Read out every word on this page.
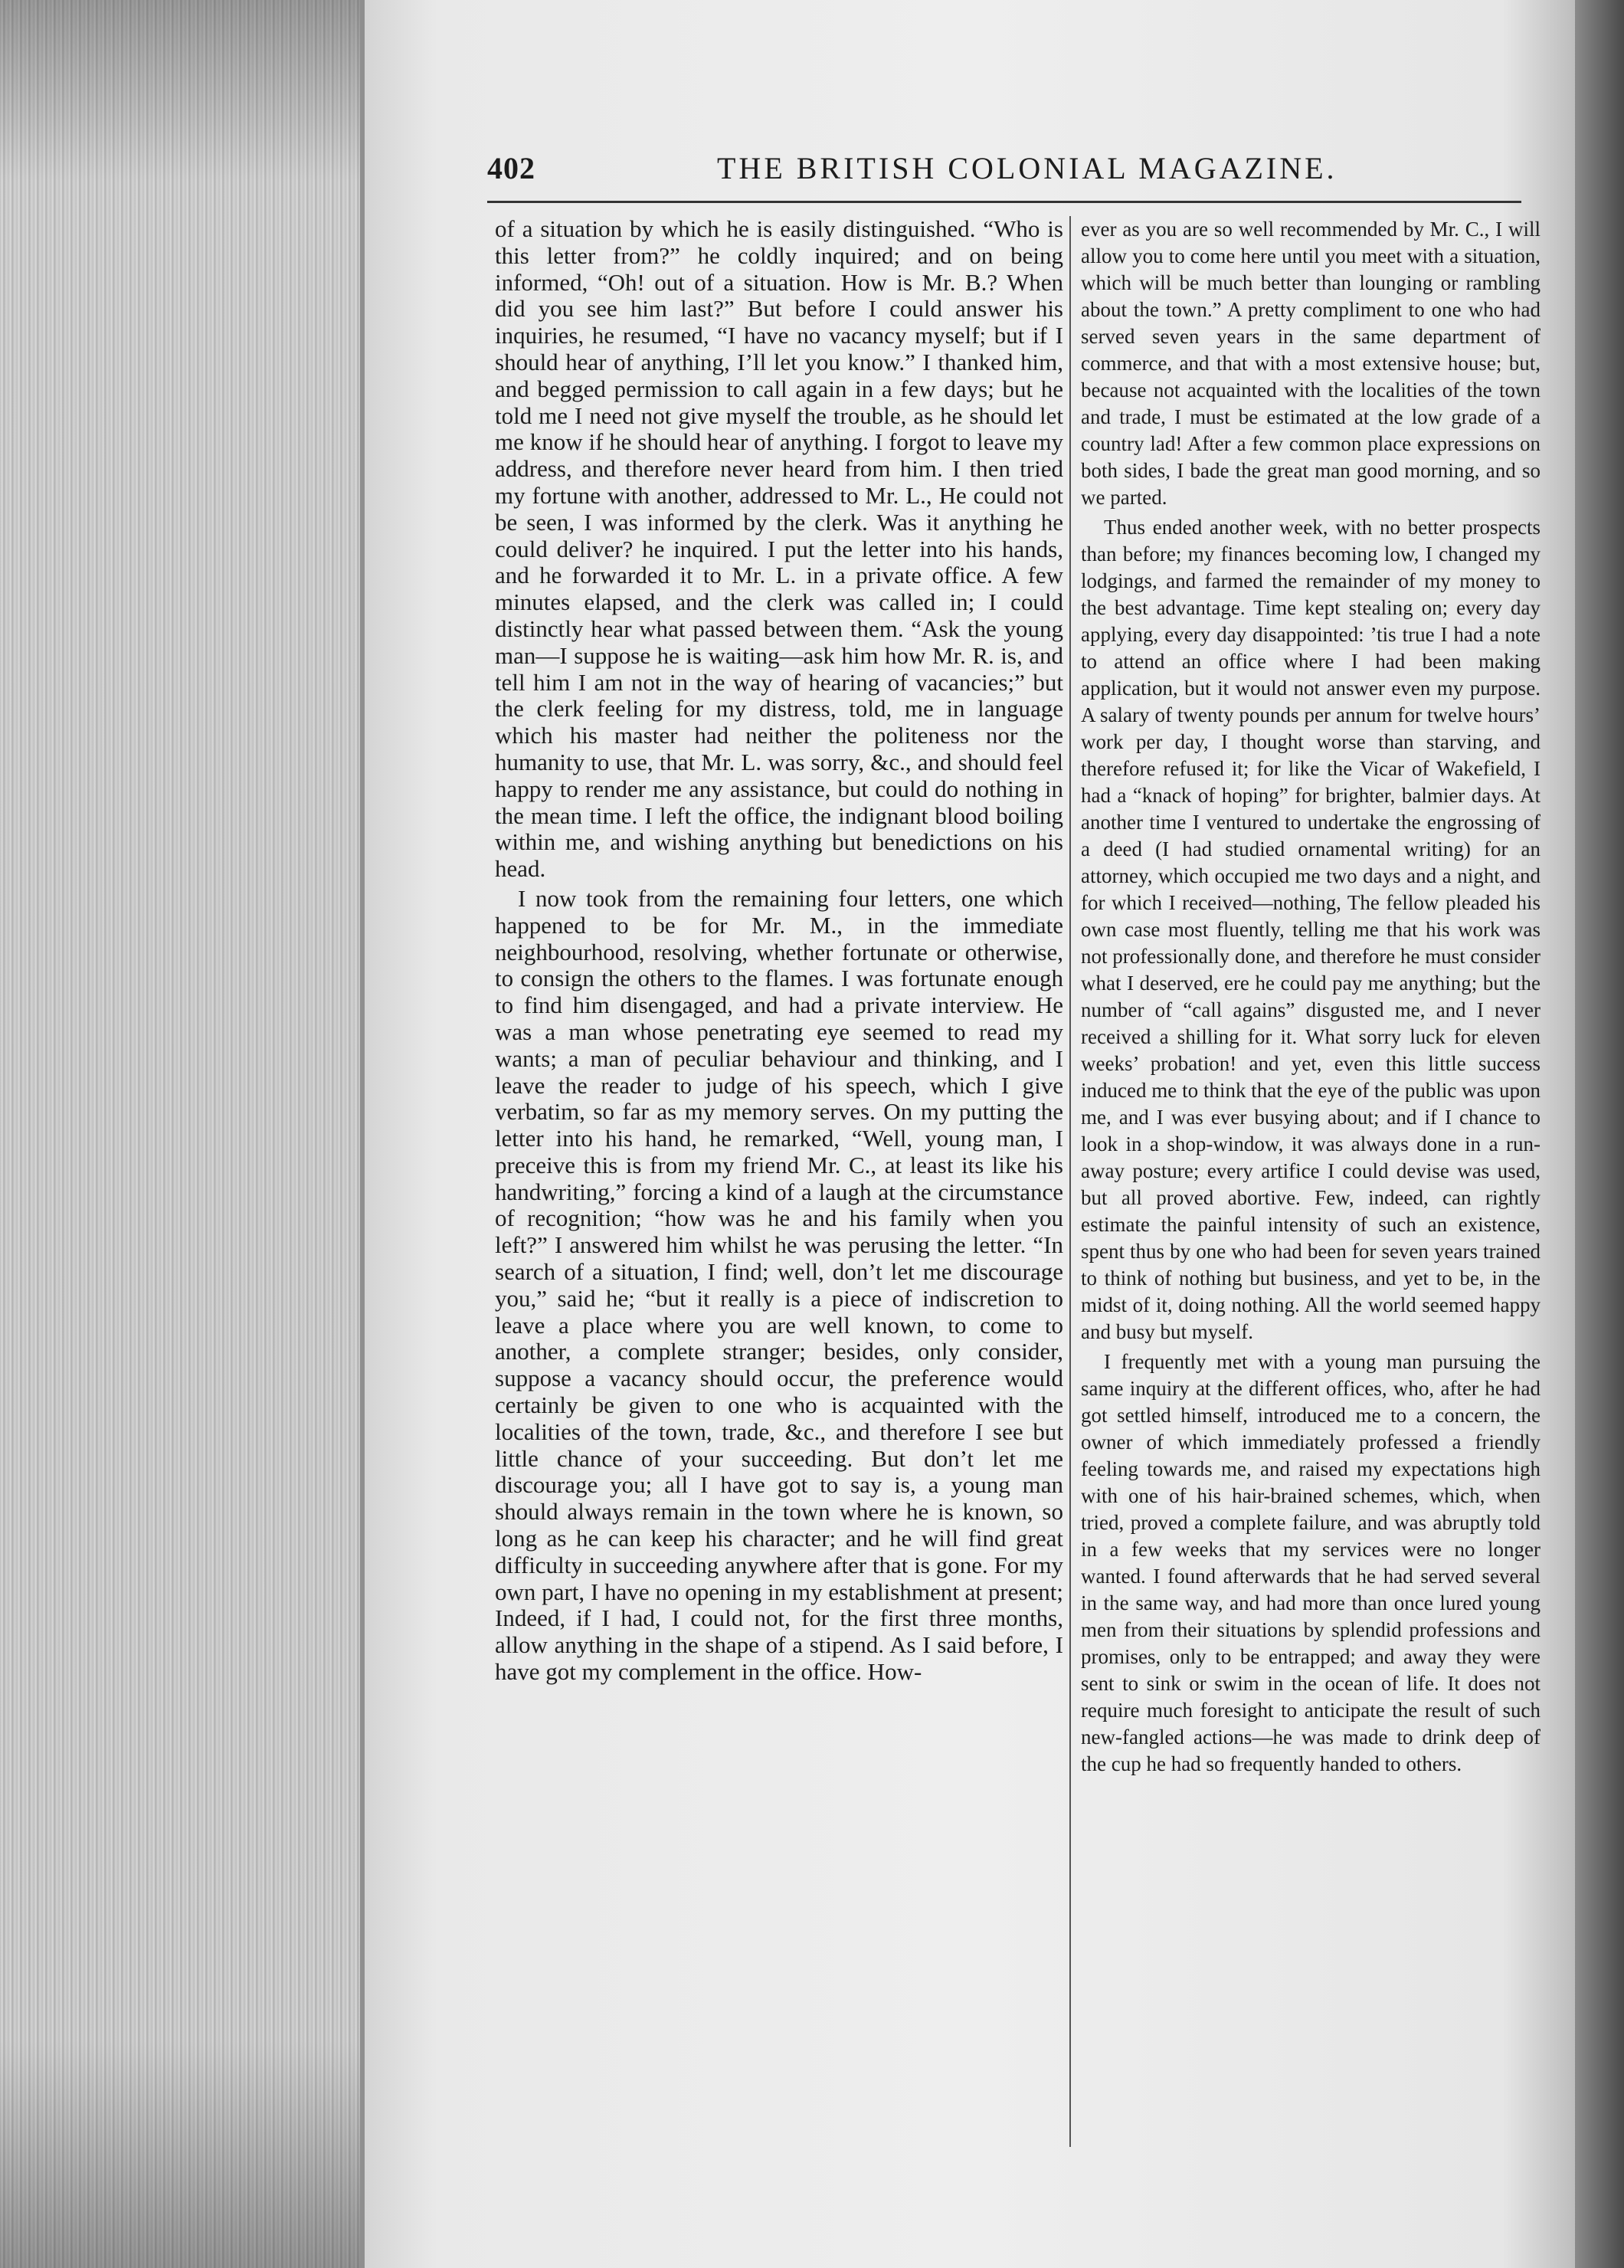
402	THE BRITISH COLONIAL MAGAZINE.

of a situation by which he is easily distinguished. “Who is this letter from?” he coldly inquired; and on being informed, “Oh! out of a situation. How is Mr. B.? When did you see him last?” But before I could answer his inquiries, he resumed, “I have no vacancy myself; but if I should hear of anything, I’ll let you know.” I thanked him, and begged permission to call again in a few days; but he told me I need not give myself the trouble, as he should let me know if he should hear of anything. I forgot to leave my address, and therefore never heard from him. I then tried my fortune with another, addressed to Mr. L., He could not be seen, I was informed by the clerk. Was it anything he could deliver? he inquired. I put the letter into his hands, and he forwarded it to Mr. L. in a private office. A few minutes elapsed, and the clerk was called in; I could distinctly hear what passed between them. “Ask the young man—I suppose he is waiting—ask him how Mr. R. is, and tell him I am not in the way of hearing of vacancies;” but the clerk feeling for my distress, told, me in language which his master had neither the politeness nor the humanity to use, that Mr. L. was sorry, &c., and should feel happy to render me any assistance, but could do nothing in the mean time. I left the office, the indignant blood boiling within me, and wishing anything but benedictions on his head.

I now took from the remaining four letters, one which happened to be for Mr. M., in the immediate neighbourhood, resolving, whether fortunate or otherwise, to consign the others to the flames. I was fortunate enough to find him disengaged, and had a private interview. He was a man whose penetrating eye seemed to read my wants; a man of peculiar behaviour and thinking, and I leave the reader to judge of his speech, which I give verbatim, so far as my memory serves. On my putting the letter into his hand, he remarked, “Well, young man, I preceive this is from my friend Mr. C., at least its like his handwriting,” forcing a kind of a laugh at the circumstance of recognition; “how was he and his family when you left?” I answered him whilst he was perusing the letter. “In search of a situation, I find; well, don’t let me discourage you,” said he; “but it really is a piece of indiscretion to leave a place where you are well known, to come to another, a complete stranger; besides, only consider, suppose a vacancy should occur, the preference would certainly be given to one who is acquainted with the localities of the town, trade, &c., and therefore I see but little chance of your succeeding. But don’t let me discourage you; all I have got to say is, a young man should always remain in the town where he is known, so long as he can keep his character; and he will find great difficulty in succeeding anywhere after that is gone. For my own part, I have no opening in my establishment at present; Indeed, if I had, I could not, for the first three months, allow anything in the shape of a stipend. As I said before, I have got my complement in the office. How-

ever as you are so well recommended by Mr. C., I will allow you to come here until you meet with a situation, which will be much better than lounging or rambling about the town.” A pretty compliment to one who had served seven years in the same department of commerce, and that with a most extensive house; but, because not acquainted with the localities of the town and trade, I must be estimated at the low grade of a country lad! After a few common place expressions on both sides, I bade the great man good morning, and so we parted.

Thus ended another week, with no better prospects than before; my finances becoming low, I changed my lodgings, and farmed the remainder of my money to the best advantage. Time kept stealing on; every day applying, every day disappointed: ’tis true I had a note to attend an office where I had been making application, but it would not answer even my purpose. A salary of twenty pounds per annum for twelve hours’ work per day, I thought worse than starving, and therefore refused it; for like the Vicar of Wakefield, I had a “knack of hoping” for brighter, balmier days. At another time I ventured to undertake the engrossing of a deed (I had studied ornamental writing) for an attorney, which occupied me two days and a night, and for which I received—nothing, The fellow pleaded his own case most fluently, telling me that his work was not professionally done, and therefore he must consider what I deserved, ere he could pay me anything; but the number of “call agains” disgusted me, and I never received a shilling for it. What sorry luck for eleven weeks’ probation! and yet, even this little success induced me to think that the eye of the public was upon me, and I was ever busying about; and if I chance to look in a shop-window, it was always done in a run-away posture; every artifice I could devise was used, but all proved abortive. Few, indeed, can rightly estimate the painful intensity of such an existence, spent thus by one who had been for seven years trained to think of nothing but business, and yet to be, in the midst of it, doing nothing. All the world seemed happy and busy but myself.

I frequently met with a young man pursuing the same inquiry at the different offices, who, after he had got settled himself, introduced me to a concern, the owner of which immediately professed a friendly feeling towards me, and raised my expectations high with one of his hair-brained schemes, which, when tried, proved a complete failure, and was abruptly told in a few weeks that my services were no longer wanted. I found afterwards that he had served several in the same way, and had more than once lured young men from their situations by splendid professions and promises, only to be entrapped; and away they were sent to sink or swim in the ocean of life. It does not require much foresight to anticipate the result of such new-fangled actions—he was made to drink deep of the cup he had so frequently handed to others.
